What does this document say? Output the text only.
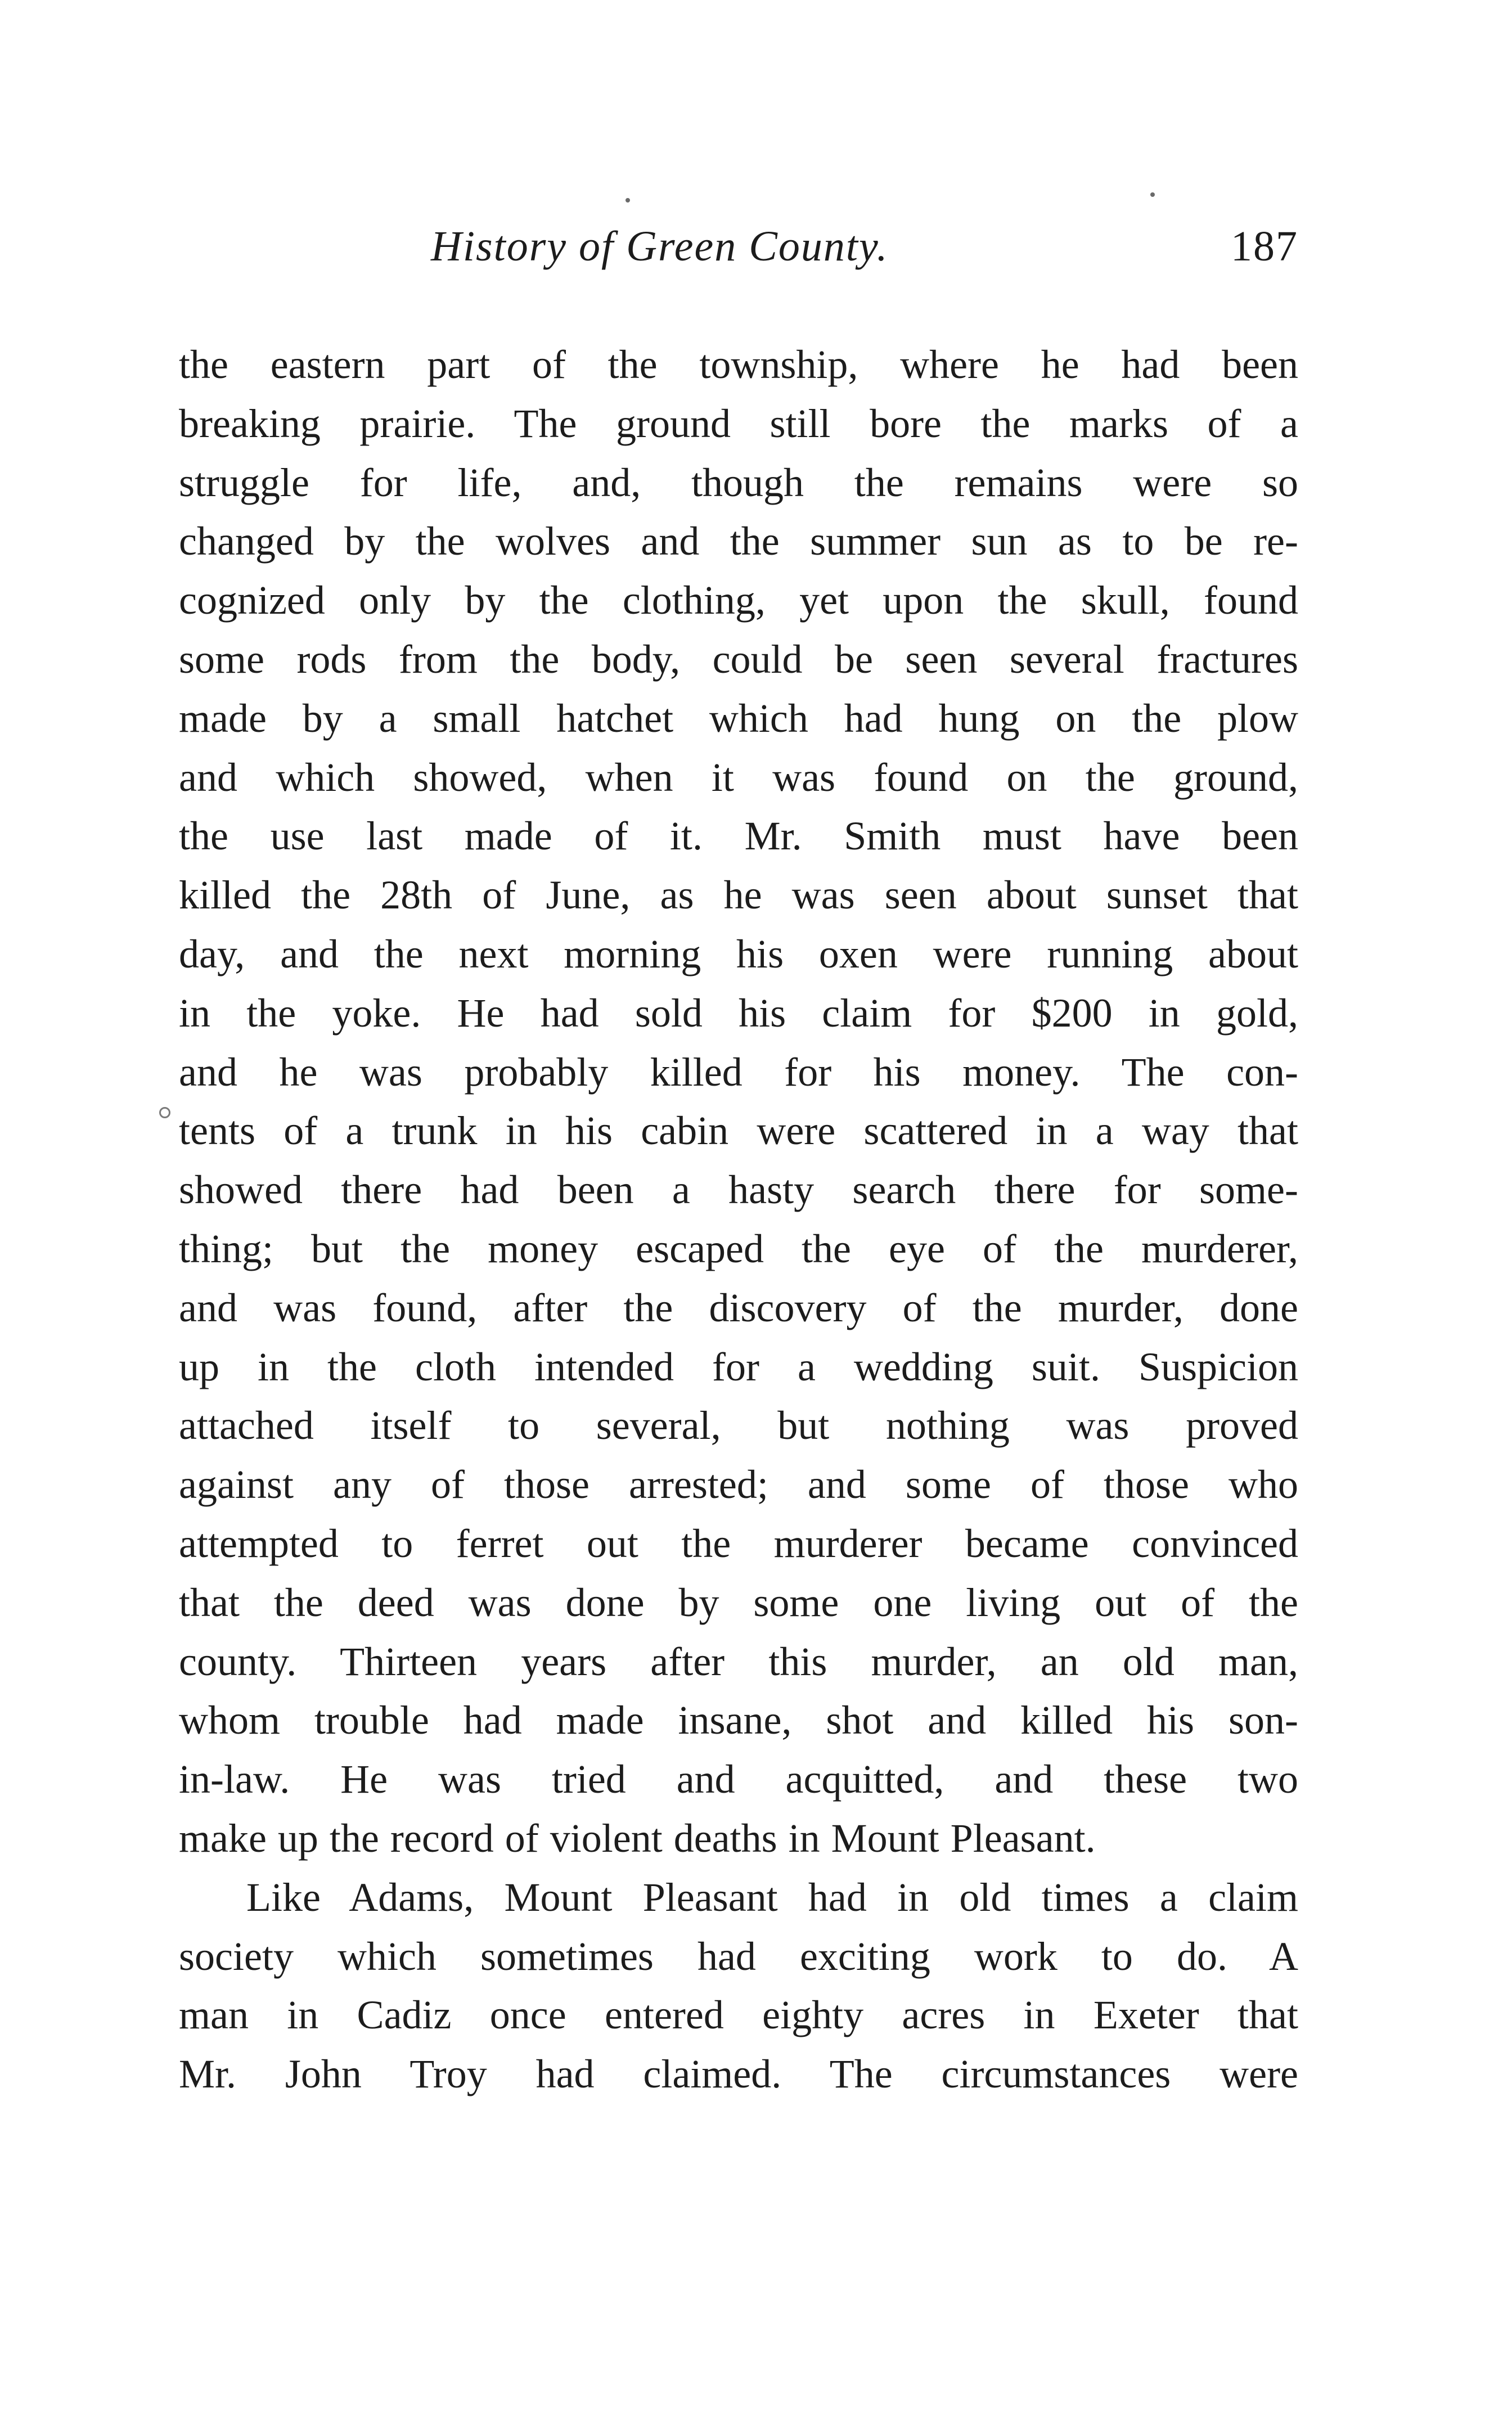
History of Green County.	187
the eastern part of the township, where he had been
breaking prairie. The ground still bore the marks of a
struggle for life, and, though the remains were so
changed by the wolves and the summer sun as to be re-
cognized only by the clothing, yet upon the skull, found
some rods from the body, could be seen several fractures
made by a small hatchet which had hung on the plow
and which showed, when it was found on the ground,
the use last made of it. Mr. Smith must have been
killed the 28th of June, as he was seen about sunset that
day, and the next morning his oxen were running about
in the yoke. He had sold his claim for $200 in gold,
and he was probably killed for his money. The con-
tents of a trunk in his cabin were scattered in a way that
showed there had been a hasty search there for some-
thing; but the money escaped the eye of the murderer,
and was found, after the discovery of the murder, done
up in the cloth intended for a wedding suit. Suspicion
attached itself to several, but nothing was proved
against any of those arrested; and some of those who
attempted to ferret out the murderer became convinced
that the deed was done by some one living out of the
county. Thirteen years after this murder, an old man,
whom trouble had made insane, shot and killed his son-
in-law. He was tried and acquitted, and these two
make up the record of violent deaths in Mount Pleasant.
Like Adams, Mount Pleasant had in old times a claim
society which sometimes had exciting work to do. A
man in Cadiz once entered eighty acres in Exeter that
Mr. John Troy had claimed. The circumstances were
